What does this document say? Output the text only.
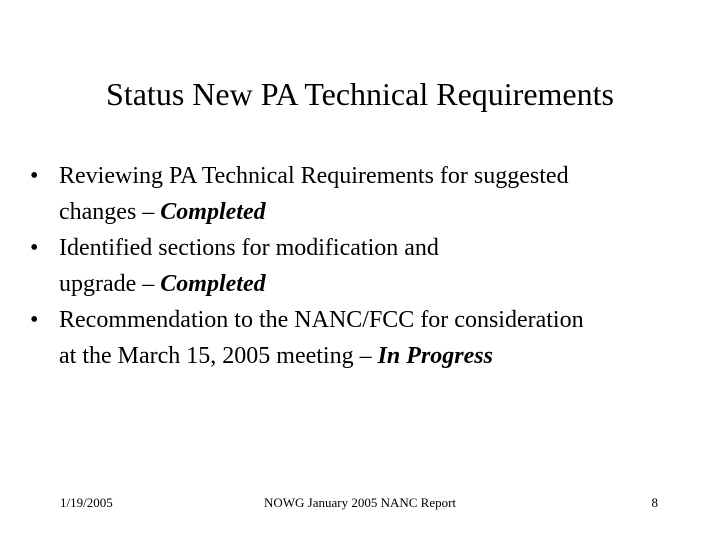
Status New PA Technical Requirements
• Reviewing PA Technical Requirements for suggested
changes – Completed
• Identified sections for modification and
upgrade – Completed
• Recommendation to the NANC/FCC for consideration
at the March 15, 2005 meeting – In Progress
1/19/2005	NOWG January 2005 NANC Report	8
